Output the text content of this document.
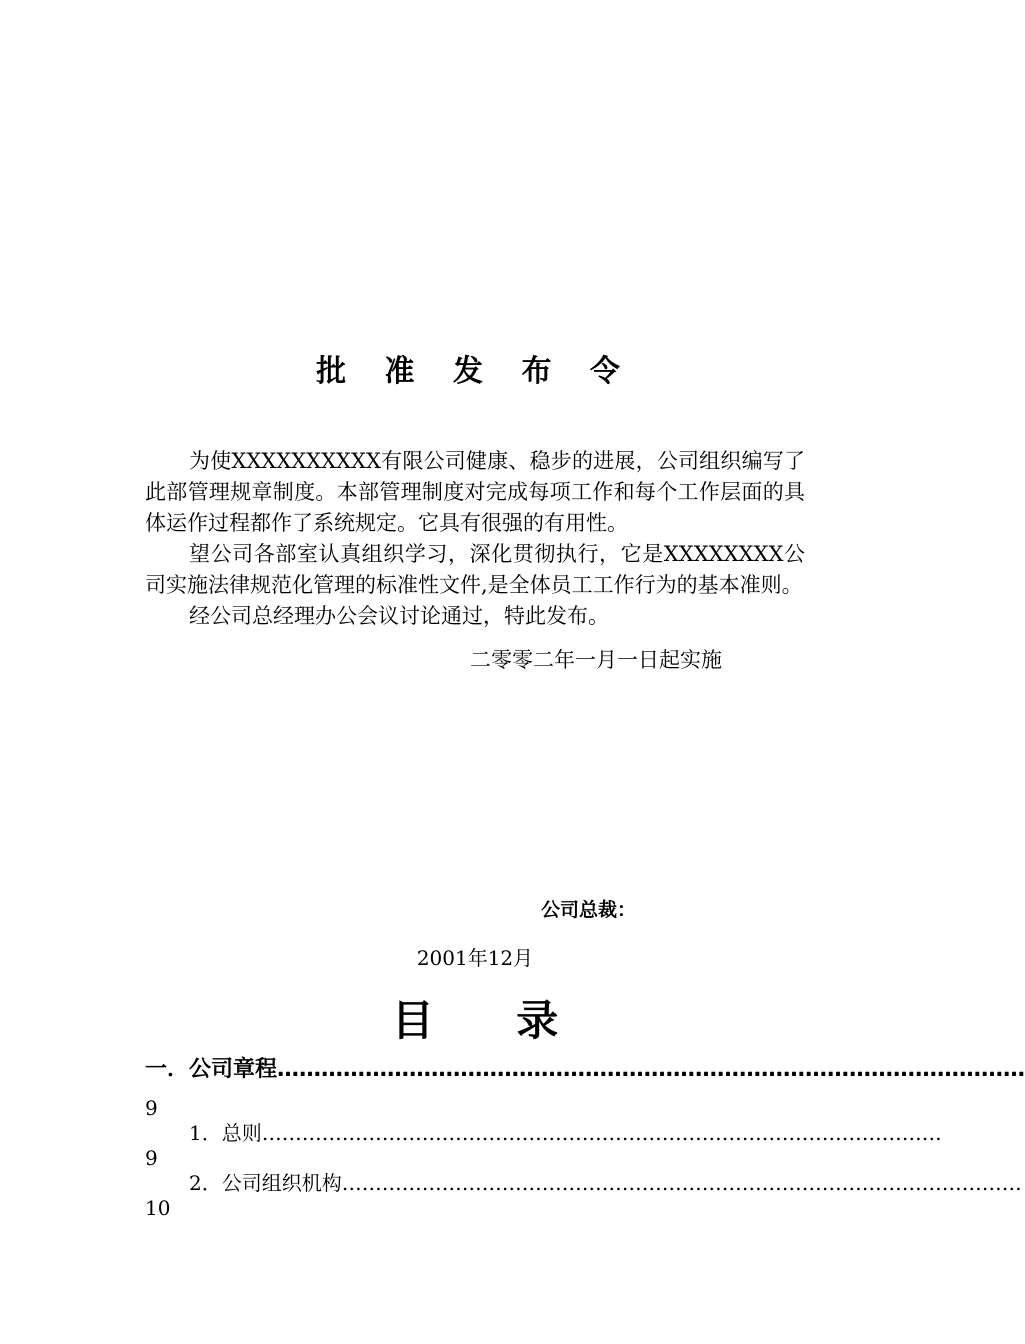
批 准 发 布 令

为使XXXXXXXXXX有限公司健康、稳步的进展，公司组织编写了此部管理规章制度。本部管理制度对完成每项工作和每个工作层面的具体运作过程都作了系统规定。它具有很强的有用性。

望公司各部室认真组织学习，深化贯彻执行，它是XXXXXXXX公司实施法律规范化管理的标准性文件,是全体员工工作行为的基本准则。

经公司总经理办公会议讨论通过，特此发布。

二零零二年一月一日起实施
公司总裁：
2001年12月
目 录
一．公司章程 …………………………………………………………………………………………
9
1．总则 …………………………………………………………………………………………
9
2．公司组织机构 …………………………………………………………………………………………
10
